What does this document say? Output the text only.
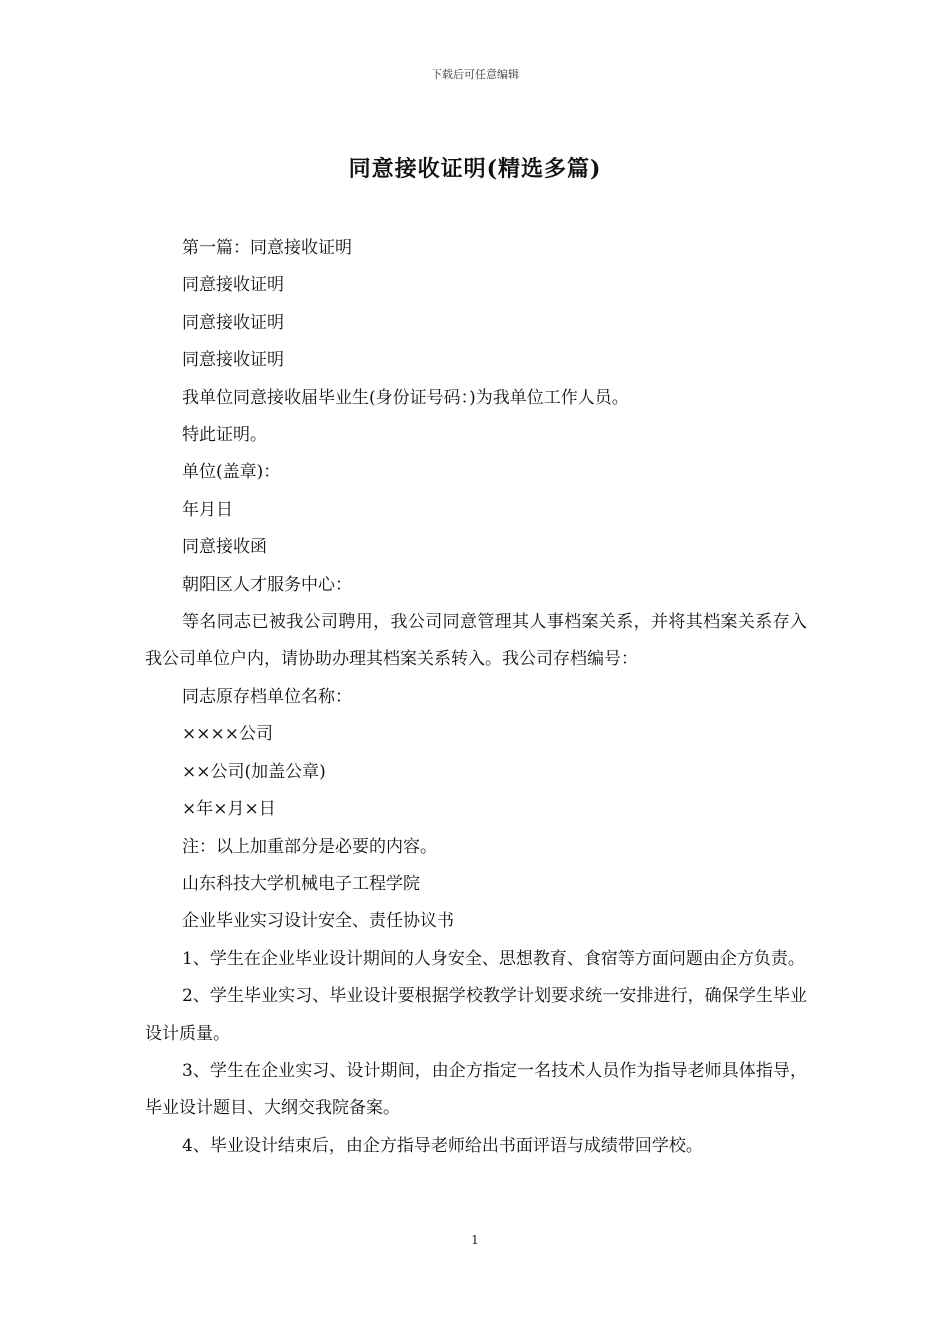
下载后可任意编辑
同意接收证明(精选多篇)

第一篇：同意接收证明

同意接收证明

同意接收证明

同意接收证明

我单位同意接收届毕业生(身份证号码：)为我单位工作人员。

特此证明。

单位(盖章)：

年月日

同意接收函

朝阳区人才服务中心：

等名同志已被我公司聘用，我公司同意管理其人事档案关系，并将其档案关系存入我公司单位户内，请协助办理其档案关系转入。我公司存档编号：

同志原存档单位名称：

××××公司

××公司(加盖公章)

×年×月×日

注：以上加重部分是必要的内容。

山东科技大学机械电子工程学院

企业毕业实习设计安全、责任协议书

1、学生在企业毕业设计期间的人身安全、思想教育、食宿等方面问题由企方负责。

2、学生毕业实习、毕业设计要根据学校教学计划要求统一安排进行，确保学生毕业设计质量。

3、学生在企业实习、设计期间，由企方指定一名技术人员作为指导老师具体指导，毕业设计题目、大纲交我院备案。

4、毕业设计结束后，由企方指导老师给出书面评语与成绩带回学校。

1
